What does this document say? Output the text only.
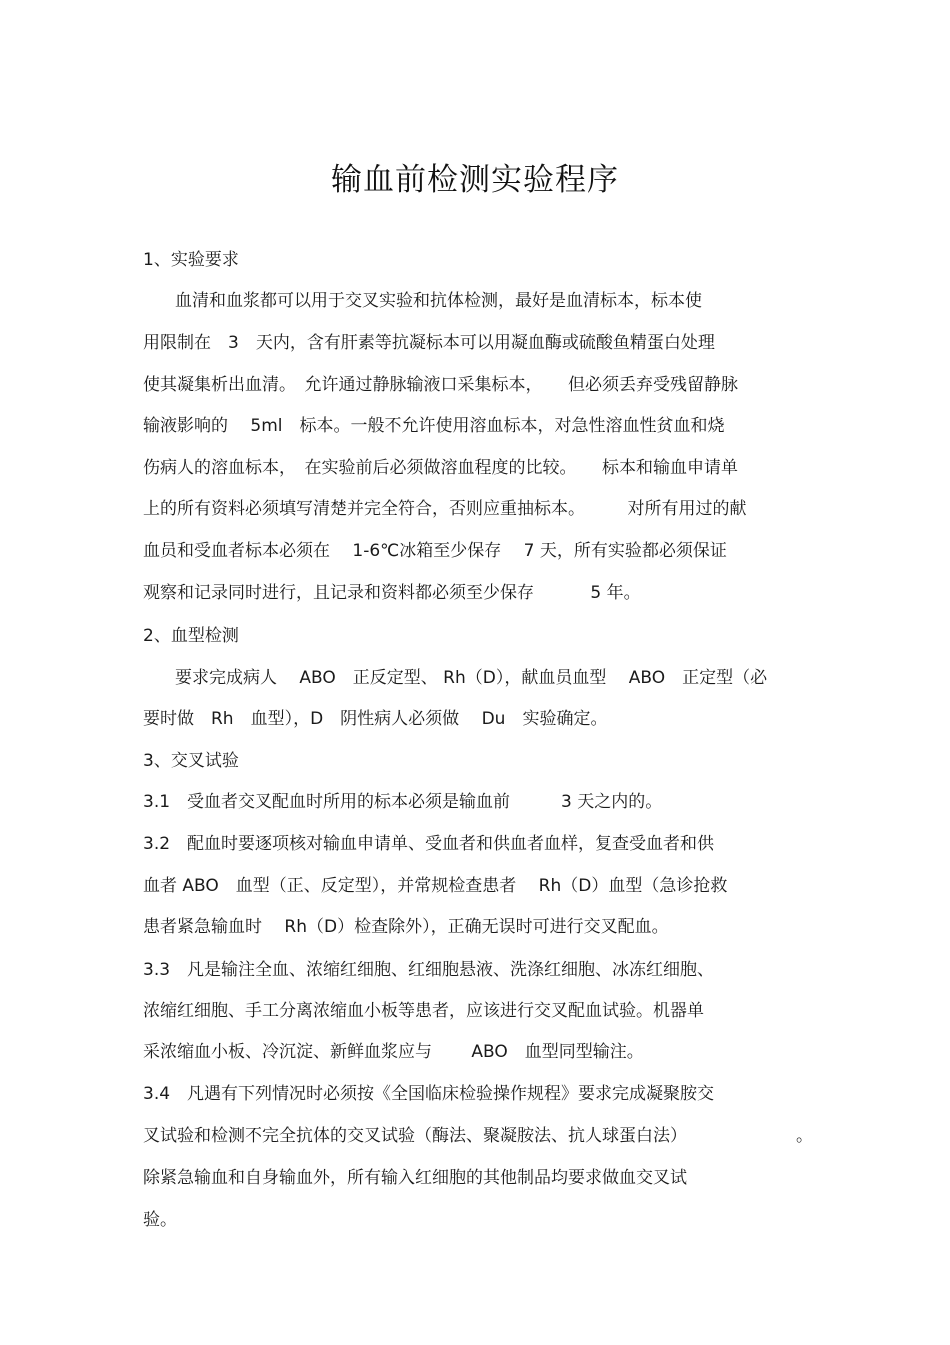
输血前检测实验程序
1、实验要求
血清和血浆都可以用于交叉实验和抗体检测，最好是血清标本，标本使
用限制在　3　天内，含有肝素等抗凝标本可以用凝血酶或硫酸鱼精蛋白处理
使其凝集析出血清。　允许通过静脉输液口采集标本，　　但必须丢弃受残留静脉
输液影响的　 5ml　标本。一般不允许使用溶血标本，对急性溶血性贫血和烧
伤病人的溶血标本，　在实验前后必须做溶血程度的比较。　　标本和输血申请单
上的所有资料必须填写清楚并完全符合，否则应重抽标本。　　　对所有用过的献
血员和受血者标本必须在　 1-6℃冰箱至少保存　 7 天，所有实验都必须保证
观察和记录同时进行，且记录和资料都必须至少保存　　　 5 年。
2、血型检测
要求完成病人　 ABO　正反定型、 Rh（D），献血员血型　 ABO　正定型（必
要时做　Rh　血型），D　阴性病人必须做　 Du　实验确定。
3、交叉试验
3.1　受血者交叉配血时所用的标本必须是输血前　　　3 天之内的。
3.2　配血时要逐项核对输血申请单、受血者和供血者血样，复查受血者和供
血者 ABO　血型（正、反定型），并常规检查患者　 Rh（D）血型（急诊抢救
患者紧急输血时　 Rh（D）检查除外），正确无误时可进行交叉配血。
3.3　凡是输注全血、浓缩红细胞、红细胞悬液、洗涤红细胞、冰冻红细胞、
浓缩红细胞、手工分离浓缩血小板等患者，应该进行交叉配血试验。机器单
采浓缩血小板、冷沉淀、新鲜血浆应与　　 ABO　血型同型输注。
3.4　凡遇有下列情况时必须按《全国临床检验操作规程》要求完成凝聚胺交
叉试验和检测不完全抗体的交叉试验（酶法、聚凝胺法、抗人球蛋白法）	。
除紧急输血和自身输血外，所有输入红细胞的其他制品均要求做血交叉试
验。
